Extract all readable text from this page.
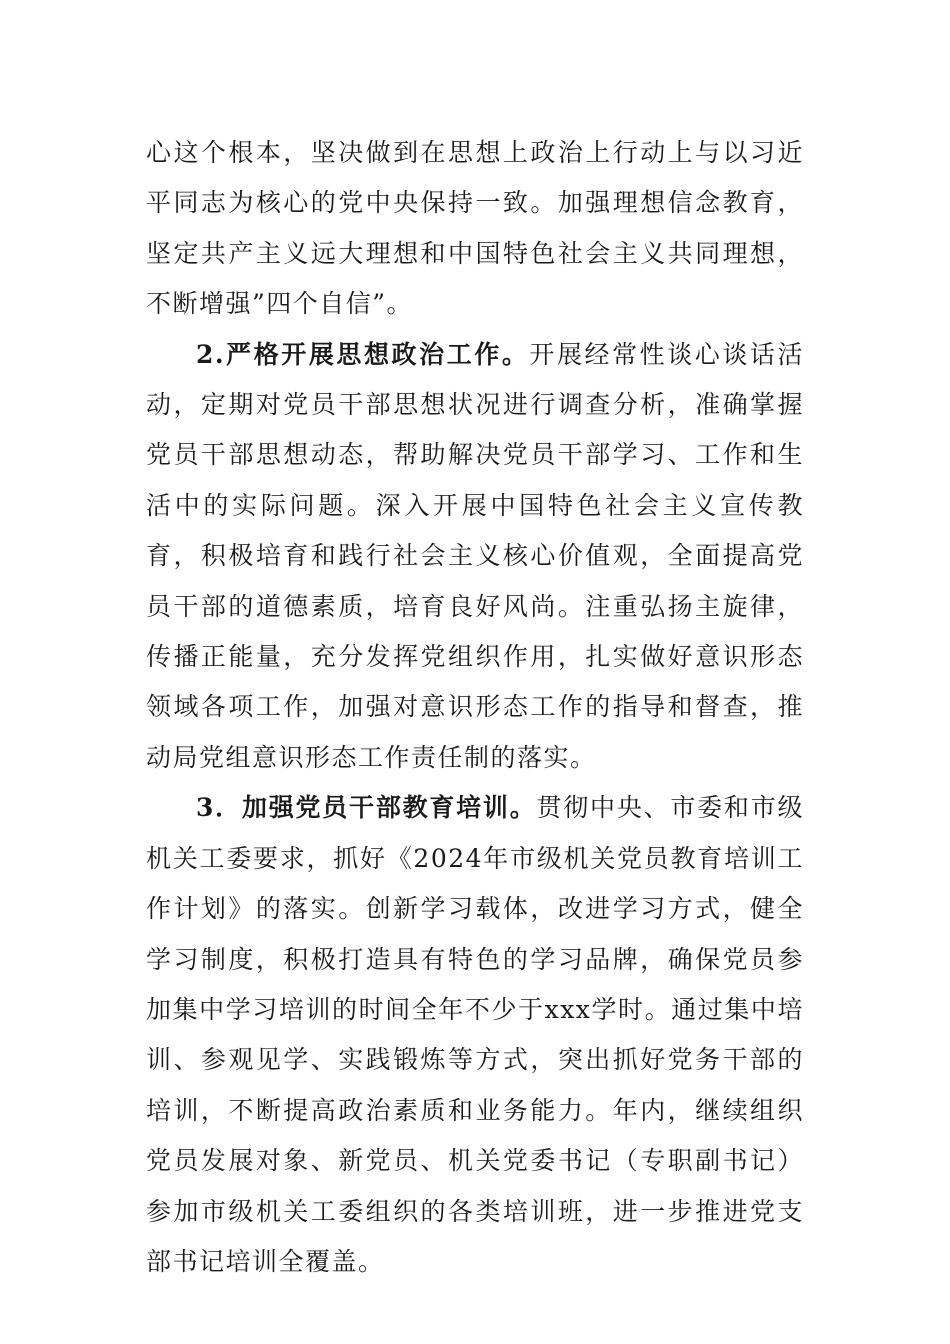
心这个根本，坚决做到在思想上政治上行动上与以习近平同志为核心的党中央保持一致。加强理想信念教育，坚定共产主义远大理想和中国特色社会主义共同理想，不断增强”四个自信”。

2.严格开展思想政治工作。开展经常性谈心谈话活动，定期对党员干部思想状况进行调查分析，准确掌握党员干部思想动态，帮助解决党员干部学习、工作和生活中的实际问题。深入开展中国特色社会主义宣传教育，积极培育和践行社会主义核心价值观，全面提高党员干部的道德素质，培育良好风尚。注重弘扬主旋律，传播正能量，充分发挥党组织作用，扎实做好意识形态领域各项工作，加强对意识形态工作的指导和督查，推动局党组意识形态工作责任制的落实。

3．加强党员干部教育培训。贯彻中央、市委和市级机关工委要求，抓好《2024年市级机关党员教育培训工作计划》的落实。创新学习载体，改进学习方式，健全学习制度，积极打造具有特色的学习品牌，确保党员参加集中学习培训的时间全年不少于xxx学时。通过集中培训、参观见学、实践锻炼等方式，突出抓好党务干部的培训，不断提高政治素质和业务能力。年内，继续组织党员发展对象、新党员、机关党委书记（专职副书记）参加市级机关工委组织的各类培训班，进一步推进党支部书记培训全覆盖。
